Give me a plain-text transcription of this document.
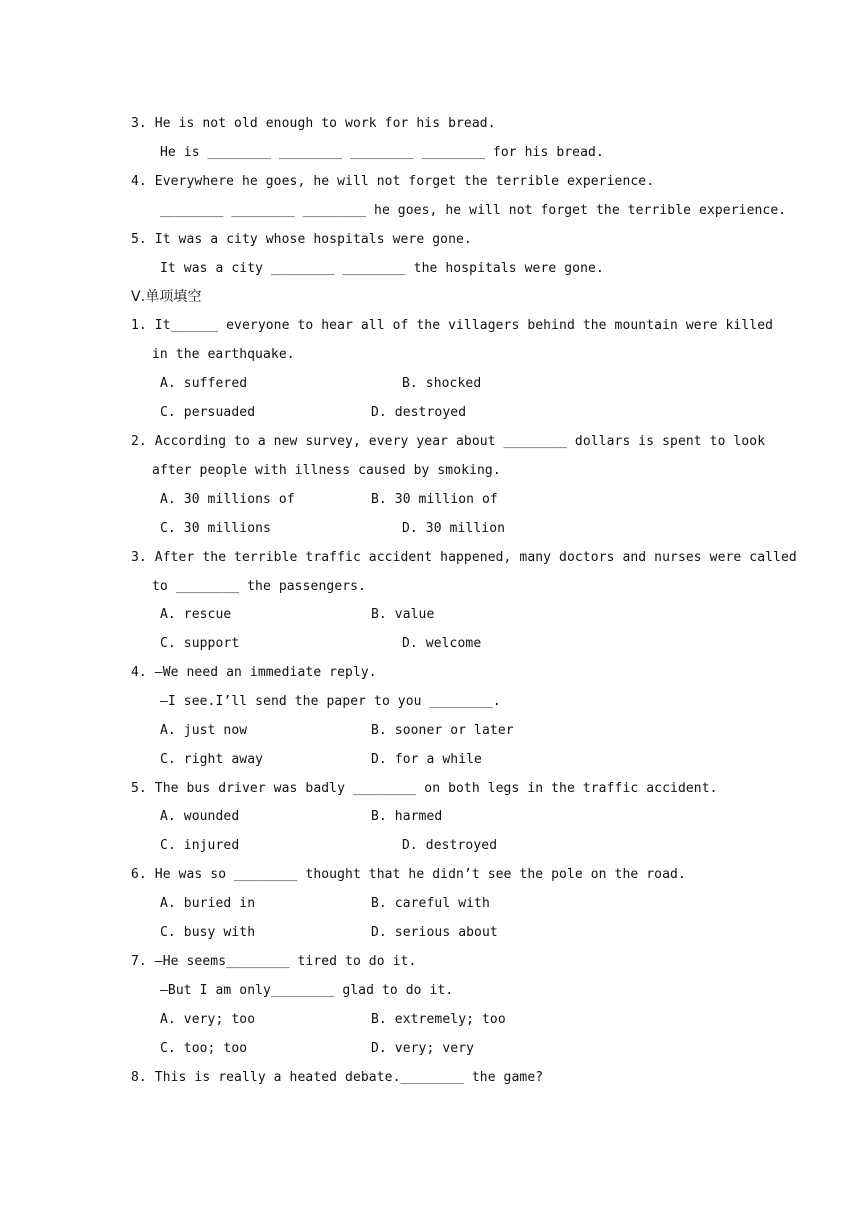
3. He is not old enough to work for his bread.
He is ________ ________ ________ ________ for his bread.
4. Everywhere he goes, he will not forget the terrible experience.
________ ________ ________ he goes, he will not forget the terrible experience.
5. It was a city whose hospitals were gone.
It was a city ________ ________ the hospitals were gone.
Ⅴ.单项填空
1. It______ everyone to hear all of the villagers behind the mountain were killed
in the earthquake.
A. suffered	B. shocked
C. persuaded	D. destroyed
2. According to a new survey, every year about ________ dollars is spent to look
after people with illness caused by smoking.
A. 30 millions of	B. 30 million of
C. 30 millions	D. 30 million
3. After the terrible traffic accident happened, many doctors and nurses were called
to ________ the passengers.
A. rescue	B. value
C. support	D. welcome
4. —We need an immediate reply.
—I see.I’ll send the paper to you ________.
A. just now	B. sooner or later
C. right away	D. for a while
5. The bus driver was badly ________ on both legs in the traffic accident.
A. wounded	B. harmed
C. injured	D. destroyed
6. He was so ________ thought that he didn’t see the pole on the road.
A. buried in	B. careful with
C. busy with	D. serious about
7. —He seems________ tired to do it.
—But I am only________ glad to do it.
A. very; too	B. extremely; too
C. too; too	D. very; very
8. This is really a heated debate.________ the game?
